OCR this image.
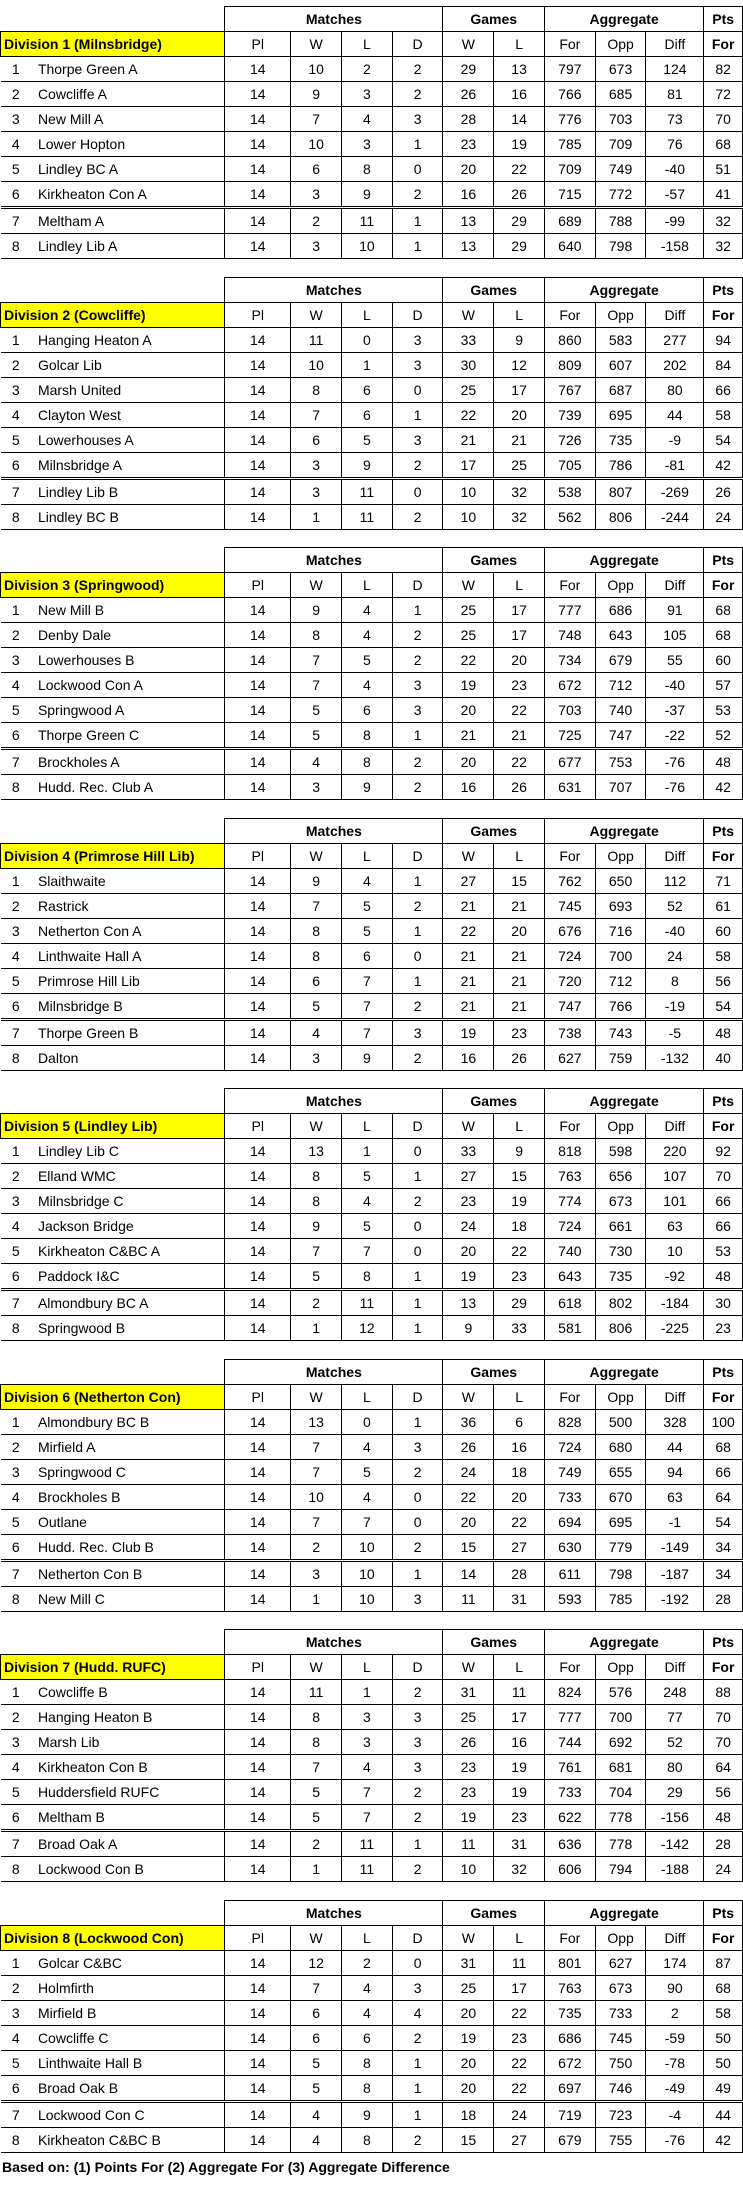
		Matches				Games		Aggregate			Pts
Division 1 (Milnsbridge)		Pl	W	L	D	W	L	For	Opp	Diff	For
1	Thorpe Green A	14	10	2	2	29	13	797	673	124	82
2	Cowcliffe A	14	9	3	2	26	16	766	685	81	72
3	New Mill A	14	7	4	3	28	14	776	703	73	70
4	Lower Hopton	14	10	3	1	23	19	785	709	76	68
5	Lindley BC A	14	6	8	0	20	22	709	749	-40	51
6	Kirkheaton Con A	14	3	9	2	16	26	715	772	-57	41
7	Meltham A	14	2	11	1	13	29	689	788	-99	32
8	Lindley Lib A	14	3	10	1	13	29	640	798	-158	32
		Matches				Games		Aggregate			Pts
Division 2 (Cowcliffe)		Pl	W	L	D	W	L	For	Opp	Diff	For
1	Hanging Heaton A	14	11	0	3	33	9	860	583	277	94
2	Golcar Lib	14	10	1	3	30	12	809	607	202	84
3	Marsh United	14	8	6	0	25	17	767	687	80	66
4	Clayton West	14	7	6	1	22	20	739	695	44	58
5	Lowerhouses A	14	6	5	3	21	21	726	735	-9	54
6	Milnsbridge A	14	3	9	2	17	25	705	786	-81	42
7	Lindley Lib B	14	3	11	0	10	32	538	807	-269	26
8	Lindley BC B	14	1	11	2	10	32	562	806	-244	24
		Matches				Games		Aggregate			Pts
Division 3 (Springwood)		Pl	W	L	D	W	L	For	Opp	Diff	For
1	New Mill B	14	9	4	1	25	17	777	686	91	68
2	Denby Dale	14	8	4	2	25	17	748	643	105	68
3	Lowerhouses B	14	7	5	2	22	20	734	679	55	60
4	Lockwood Con A	14	7	4	3	19	23	672	712	-40	57
5	Springwood A	14	5	6	3	20	22	703	740	-37	53
6	Thorpe Green C	14	5	8	1	21	21	725	747	-22	52
7	Brockholes A	14	4	8	2	20	22	677	753	-76	48
8	Hudd. Rec. Club A	14	3	9	2	16	26	631	707	-76	42
		Matches				Games		Aggregate			Pts
Division 4 (Primrose Hill Lib)		Pl	W	L	D	W	L	For	Opp	Diff	For
1	Slaithwaite	14	9	4	1	27	15	762	650	112	71
2	Rastrick	14	7	5	2	21	21	745	693	52	61
3	Netherton Con A	14	8	5	1	22	20	676	716	-40	60
4	Linthwaite Hall A	14	8	6	0	21	21	724	700	24	58
5	Primrose Hill Lib	14	6	7	1	21	21	720	712	8	56
6	Milnsbridge B	14	5	7	2	21	21	747	766	-19	54
7	Thorpe Green B	14	4	7	3	19	23	738	743	-5	48
8	Dalton	14	3	9	2	16	26	627	759	-132	40
		Matches				Games		Aggregate			Pts
Division 5 (Lindley Lib)		Pl	W	L	D	W	L	For	Opp	Diff	For
1	Lindley Lib C	14	13	1	0	33	9	818	598	220	92
2	Elland WMC	14	8	5	1	27	15	763	656	107	70
3	Milnsbridge C	14	8	4	2	23	19	774	673	101	66
4	Jackson Bridge	14	9	5	0	24	18	724	661	63	66
5	Kirkheaton C&BC A	14	7	7	0	20	22	740	730	10	53
6	Paddock I&C	14	5	8	1	19	23	643	735	-92	48
7	Almondbury BC A	14	2	11	1	13	29	618	802	-184	30
8	Springwood B	14	1	12	1	9	33	581	806	-225	23
		Matches				Games		Aggregate			Pts
Division 6 (Netherton Con)		Pl	W	L	D	W	L	For	Opp	Diff	For
1	Almondbury BC B	14	13	0	1	36	6	828	500	328	100
2	Mirfield A	14	7	4	3	26	16	724	680	44	68
3	Springwood C	14	7	5	2	24	18	749	655	94	66
4	Brockholes B	14	10	4	0	22	20	733	670	63	64
5	Outlane	14	7	7	0	20	22	694	695	-1	54
6	Hudd. Rec. Club B	14	2	10	2	15	27	630	779	-149	34
7	Netherton Con B	14	3	10	1	14	28	611	798	-187	34
8	New Mill C	14	1	10	3	11	31	593	785	-192	28
		Matches				Games		Aggregate			Pts
Division 7 (Hudd. RUFC)		Pl	W	L	D	W	L	For	Opp	Diff	For
1	Cowcliffe B	14	11	1	2	31	11	824	576	248	88
2	Hanging Heaton B	14	8	3	3	25	17	777	700	77	70
3	Marsh Lib	14	8	3	3	26	16	744	692	52	70
4	Kirkheaton Con B	14	7	4	3	23	19	761	681	80	64
5	Huddersfield RUFC	14	5	7	2	23	19	733	704	29	56
6	Meltham B	14	5	7	2	19	23	622	778	-156	48
7	Broad Oak A	14	2	11	1	11	31	636	778	-142	28
8	Lockwood Con B	14	1	11	2	10	32	606	794	-188	24
		Matches				Games		Aggregate			Pts
Division 8 (Lockwood Con)		Pl	W	L	D	W	L	For	Opp	Diff	For
1	Golcar C&BC	14	12	2	0	31	11	801	627	174	87
2	Holmfirth	14	7	4	3	25	17	763	673	90	68
3	Mirfield B	14	6	4	4	20	22	735	733	2	58
4	Cowcliffe C	14	6	6	2	19	23	686	745	-59	50
5	Linthwaite Hall B	14	5	8	1	20	22	672	750	-78	50
6	Broad Oak B	14	5	8	1	20	22	697	746	-49	49
7	Lockwood Con C	14	4	9	1	18	24	719	723	-4	44
8	Kirkheaton C&BC B	14	4	8	2	15	27	679	755	-76	42
Based on: (1) Points For (2) Aggregate For (3) Aggregate Difference
